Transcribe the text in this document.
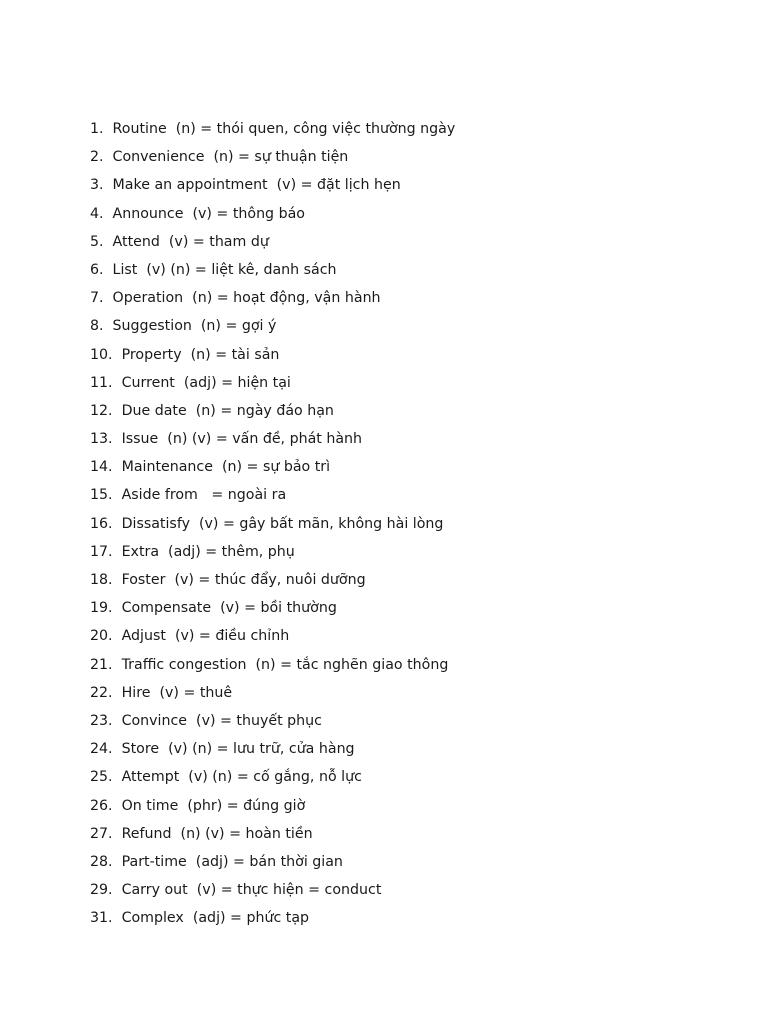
1.  Routine  (n) = thói quen, công việc thường ngày
2.  Convenience  (n) = sự thuận tiện
3.  Make an appointment  (v) = đặt lịch hẹn
4.  Announce  (v) = thông báo
5.  Attend  (v) = tham dự
6.  List  (v) (n) = liệt kê, danh sách
7.  Operation  (n) = hoạt động, vận hành
8.  Suggestion  (n) = gợi ý
10.  Property  (n) = tài sản
11.  Current  (adj) = hiện tại
12.  Due date  (n) = ngày đáo hạn
13.  Issue  (n) (v) = vấn đề, phát hành
14.  Maintenance  (n) = sự bảo trì
15.  Aside from   = ngoài ra
16.  Dissatisfy  (v) = gây bất mãn, không hài lòng
17.  Extra  (adj) = thêm, phụ
18.  Foster  (v) = thúc đẩy, nuôi dưỡng
19.  Compensate  (v) = bồi thường
20.  Adjust  (v) = điều chỉnh
21.  Traffic congestion  (n) = tắc nghẽn giao thông
22.  Hire  (v) = thuê
23.  Convince  (v) = thuyết phục
24.  Store  (v) (n) = lưu trữ, cửa hàng
25.  Attempt  (v) (n) = cố gắng, nỗ lực
26.  On time  (phr) = đúng giờ
27.  Refund  (n) (v) = hoàn tiền
28.  Part-time  (adj) = bán thời gian
29.  Carry out  (v) = thực hiện = conduct
31.  Complex  (adj) = phức tạp
